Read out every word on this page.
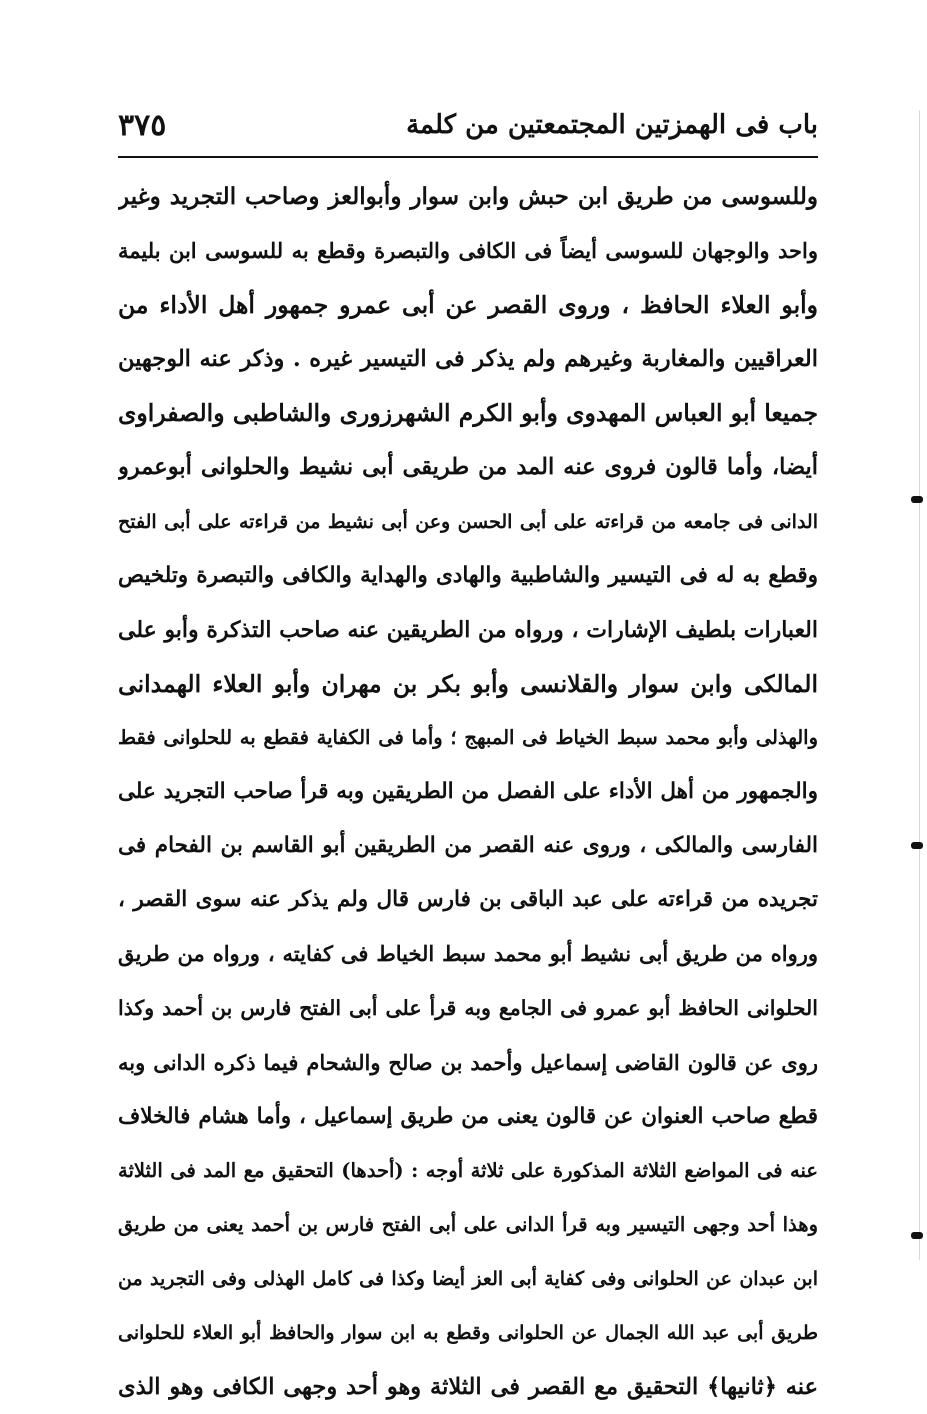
باب فى الهمزتين المجتمعتين من كلمة
٣٧٥
وللسوسى من طريق ابن حبش وابن سوار وأبوالعز وصاحب التجريد وغير
واحد والوجهان للسوسى أيضاً فى الكافى والتبصرة وقطع به للسوسى ابن بليمة
وأبو العلاء الحافظ ، وروى القصر عن أبى عمرو جمهور أهل الأداء من
العراقيين والمغاربة وغيرهم ولم يذكر فى التيسير غيره . وذكر عنه الوجهين
جميعا أبو العباس المهدوى وأبو الكرم الشهرزورى والشاطبى والصفراوى
أيضا، وأما قالون فروى عنه المد من طريقى أبى نشيط والحلوانى أبوعمرو
الدانى فى جامعه من قراءته على أبى الحسن وعن أبى نشيط من قراءته على أبى الفتح
وقطع به له فى التيسير والشاطبية والهادى والهداية والكافى والتبصرة وتلخيص
العبارات بلطيف الإشارات ، ورواه من الطريقين عنه صاحب التذكرة وأبو على
المالكى وابن سوار والقلانسى وأبو بكر بن مهران وأبو العلاء الهمدانى
والهذلى وأبو محمد سبط الخياط فى المبهج ؛ وأما فى الكفاية فقطع به للحلوانى فقط
والجمهور من أهل الأداء على الفصل من الطريقين وبه قرأ صاحب التجريد على
الفارسى والمالكى ، وروى عنه القصر من الطريقين أبو القاسم بن الفحام فى
تجريده من قراءته على عبد الباقى بن فارس قال ولم يذكر عنه سوى القصر ،
ورواه من طريق أبى نشيط أبو محمد سبط الخياط فى كفايته ، ورواه من طريق
الحلوانى الحافظ أبو عمرو فى الجامع وبه قرأ على أبى الفتح فارس بن أحمد وكذا
روى عن قالون القاضى إسماعيل وأحمد بن صالح والشحام فيما ذكره الدانى وبه
قطع صاحب العنوان عن قالون يعنى من طريق إسماعيل ، وأما هشام فالخلاف
عنه فى المواضع الثلاثة المذكورة على ثلاثة أوجه : (أحدها) التحقيق مع المد فى الثلاثة
وهذا أحد وجهى التيسير وبه قرأ الدانى على أبى الفتح فارس بن أحمد يعنى من طريق
ابن عبدان عن الحلوانى وفى كفاية أبى العز أيضا وكذا فى كامل الهذلى وفى التجريد من
طريق أبى عبد الله الجمال عن الحلوانى وقطع به ابن سوار والحافظ أبو العلاء للحلوانى
عنه ﴿ثانيها﴾ التحقيق مع القصر فى الثلاثة وهو أحد وجهى الكافى وهو الذى
